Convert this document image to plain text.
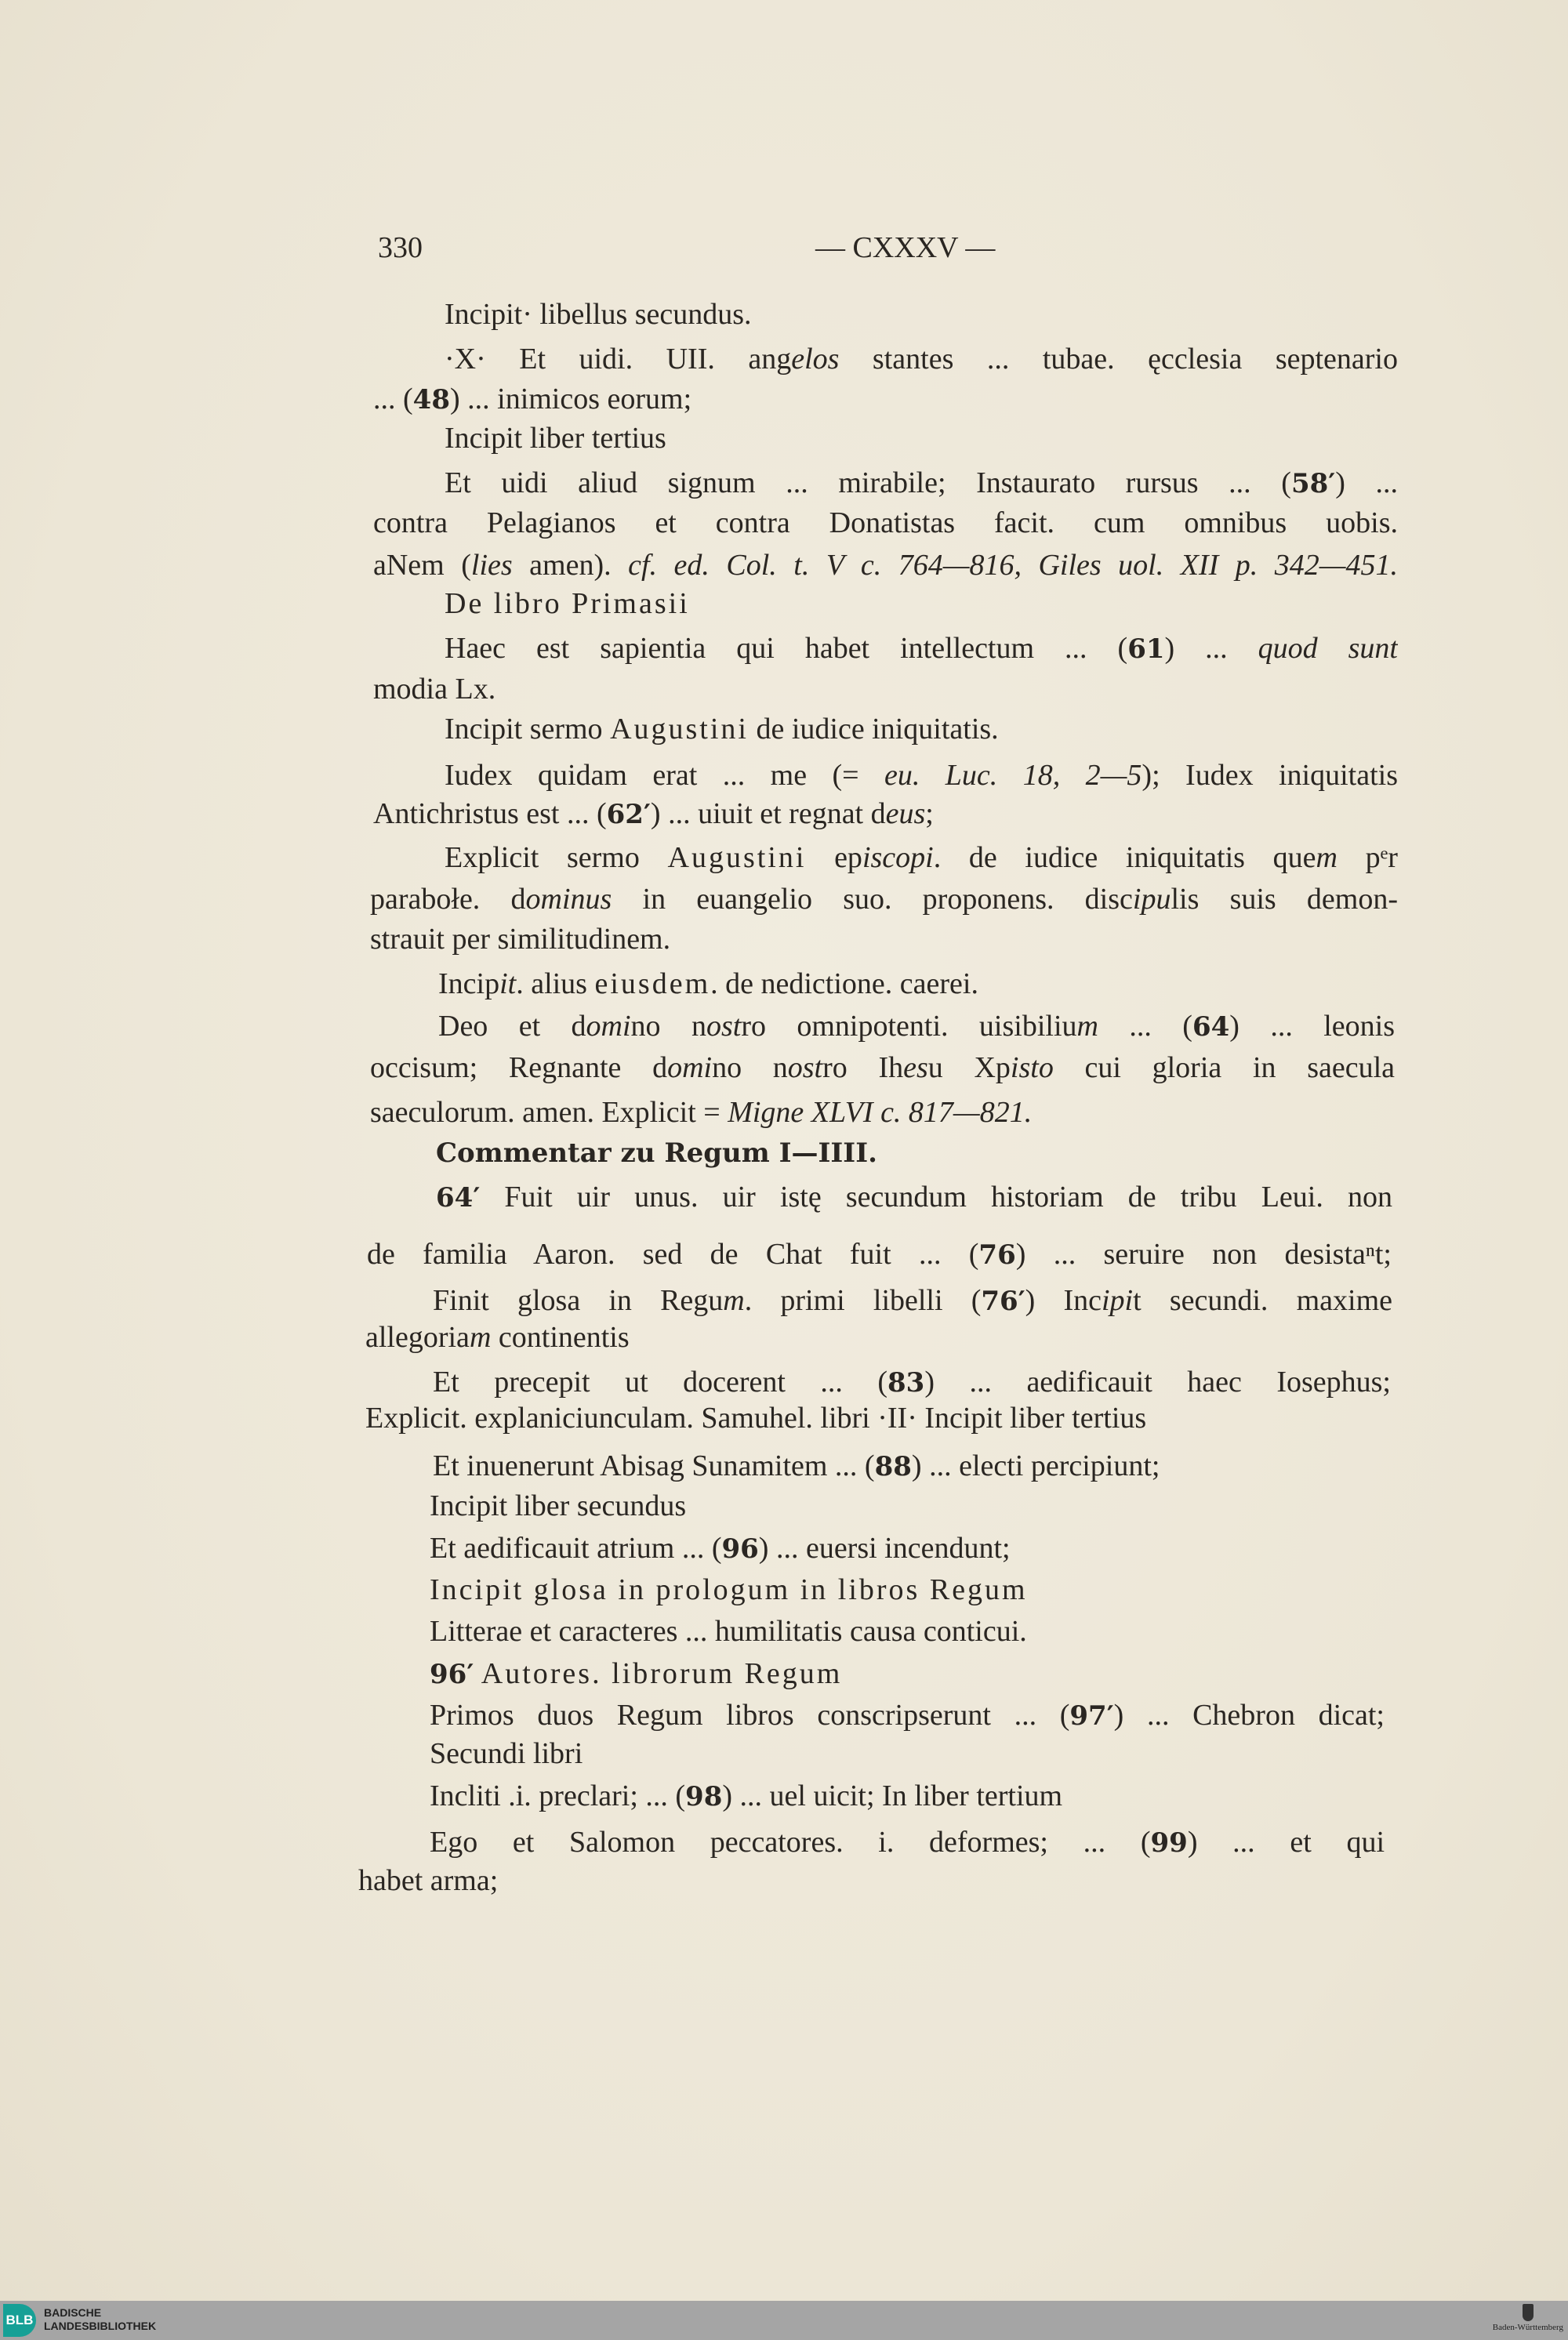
330	— CXXXV —
Incipit· libellus secundus.
·X· Et uidi. UII. angelos stantes ... tubae. ęcclesia septenario
... (48) ... inimicos eorum;
Incipit liber tertius
Et uidi aliud signum ... mirabile; Instaurato rursus ... (58′) ...
contra Pelagianos et contra Donatistas facit. cum omnibus uobis.
aNem (lies amen). cf. ed. Col. t. V c. 764—816, Giles uol. XII p. 342—451.
De libro Primasii
Haec est sapientia qui habet intellectum ... (61) ... quod sunt
modia Lx.
Incipit sermo Augustini de iudice iniquitatis.
Iudex quidam erat ... me (= eu. Luc. 18, 2—5); Iudex iniquitatis
Antichristus est ... (62′) ... uiuit et regnat deus;
Explicit sermo Augustini episcopi. de iudice iniquitatis quem pᵉr
parabołe. dominus in euangelio suo. proponens. discipulis suis demon-
strauit per similitudinem.
Incipit. alius eiusdem. de nedictione. caerei.
Deo et domino nostro omnipotenti. uisibilium ... (64) ... leonis
occisum; Regnante domino nostro Ihesu Xpisto cui gloria in saecula
saeculorum. amen. Explicit = Migne XLVI c. 817—821.
Commentar zu Regum I—IIII.
64′ Fuit uir unus. uir istę secundum historiam de tribu Leui. non
de familia Aaron. sed de Chat fuit ... (76) ... seruire non desistaⁿt;
Finit glosa in Regum. primi libelli (76′) Incipit secundi. maxime
allegoriam continentis
Et precepit ut docerent ... (83) ... aedificauit haec Iosephus;
Explicit. explaniciunculam. Samuhel. libri ·II· Incipit liber tertius
Et inuenerunt Abisag Sunamitem ... (88) ... electi percipiunt;
Incipit liber secundus
Et aedificauit atrium ... (96) ... euersi incendunt;
Incipit glosa in prologum in libros Regum
Litterae et caracteres ... humilitatis causa conticui.
96′ Autores. librorum Regum
Primos duos Regum libros conscripserunt ... (97′) ... Chebron dicat;
Secundi libri
Incliti .i. preclari; ... (98) ... uel uicit; In liber tertium
Ego et Salomon peccatores. i. deformes; ... (99) ... et qui
habet arma;
BLB BADISCHE
LANDESBIBLIOTHEK	Baden-Württemberg
